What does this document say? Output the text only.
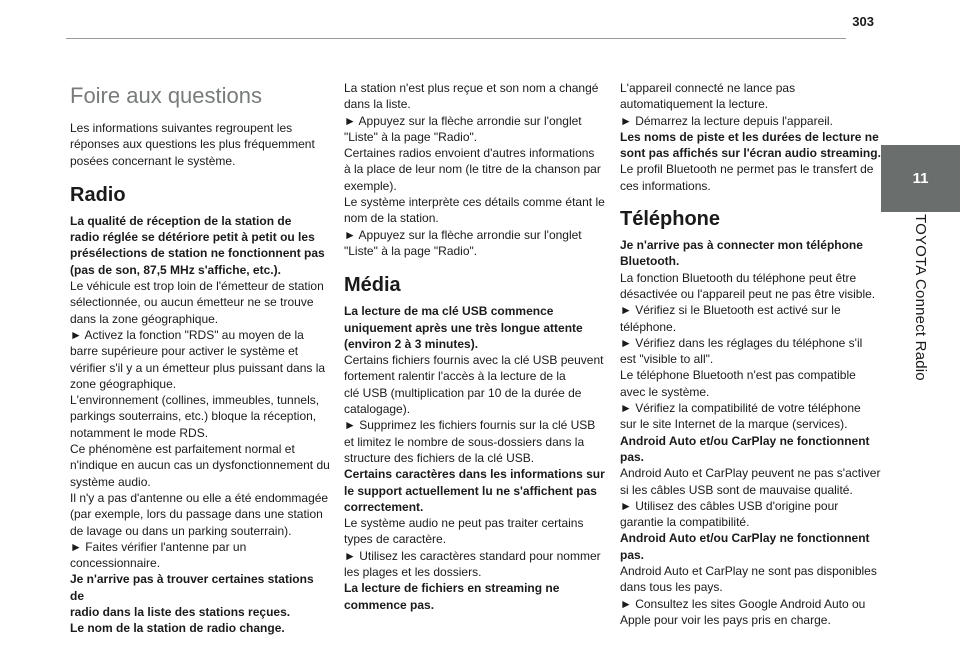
303
11
TOYOTA Connect Radio
Foire aux questions

Les informations suivantes regroupent les

réponses aux questions les plus fréquemment

posées concernant le système.

Radio

La qualité de réception de la station de

radio réglée se détériore petit à petit ou les

présélections de station ne fonctionnent pas

(pas de son, 87,5 MHz s'affiche, etc.).

Le véhicule est trop loin de l'émetteur de station

sélectionnée, ou aucun émetteur ne se trouve

dans la zone géographique.

► Activez la fonction "RDS" au moyen de la

barre supérieure pour activer le système et

vérifier s'il y a un émetteur plus puissant dans la

zone géographique.

L'environnement (collines, immeubles, tunnels,

parkings souterrains, etc.) bloque la réception,

notamment le mode RDS.

Ce phénomène est parfaitement normal et

n'indique en aucun cas un dysfonctionnement du

système audio.

Il n'y a pas d'antenne ou elle a été endommagée

(par exemple, lors du passage dans une station

de lavage ou dans un parking souterrain).

► Faites vérifier l'antenne par un

concessionnaire.

Je n'arrive pas à trouver certaines stations de

radio dans la liste des stations reçues.

Le nom de la station de radio change.

La station n'est plus reçue et son nom a changé

dans la liste.

► Appuyez sur la flèche arrondie sur l'onglet

"Liste" à la page "Radio".

Certaines radios envoient d'autres informations

à la place de leur nom (le titre de la chanson par

exemple).

Le système interprète ces détails comme étant le

nom de la station.

► Appuyez sur la flèche arrondie sur l'onglet

"Liste" à la page "Radio".

Média

La lecture de ma clé USB commence

uniquement après une très longue attente

(environ 2 à 3 minutes).

Certains fichiers fournis avec la clé USB peuvent

fortement ralentir l'accès à la lecture de la

clé USB (multiplication par 10 de la durée de

catalogage).

► Supprimez les fichiers fournis sur la clé USB

et limitez le nombre de sous-dossiers dans la

structure des fichiers de la clé USB.

Certains caractères dans les informations sur

le support actuellement lu ne s'affichent pas

correctement.

Le système audio ne peut pas traiter certains

types de caractère.

► Utilisez les caractères standard pour nommer

les plages et les dossiers.

La lecture de fichiers en streaming ne

commence pas.

L'appareil connecté ne lance pas

automatiquement la lecture.

► Démarrez la lecture depuis l'appareil.

Les noms de piste et les durées de lecture ne

sont pas affichés sur l'écran audio streaming.

Le profil Bluetooth ne permet pas le transfert de

ces informations.

Téléphone

Je n'arrive pas à connecter mon téléphone

Bluetooth.

La fonction Bluetooth du téléphone peut être

désactivée ou l'appareil peut ne pas être visible.

► Vérifiez si le Bluetooth est activé sur le

téléphone.

► Vérifiez dans les réglages du téléphone s'il

est "visible to all".

Le téléphone Bluetooth n'est pas compatible

avec le système.

► Vérifiez la compatibilité de votre téléphone

sur le site Internet de la marque (services).

Android Auto et/ou CarPlay ne fonctionnent

pas.

Android Auto et CarPlay peuvent ne pas s'activer

si les câbles USB sont de mauvaise qualité.

► Utilisez des câbles USB d'origine pour

garantie la compatibilité.

Android Auto et/ou CarPlay ne fonctionnent

pas.

Android Auto et CarPlay ne sont pas disponibles

dans tous les pays.

► Consultez les sites Google Android Auto ou

Apple pour voir les pays pris en charge.
